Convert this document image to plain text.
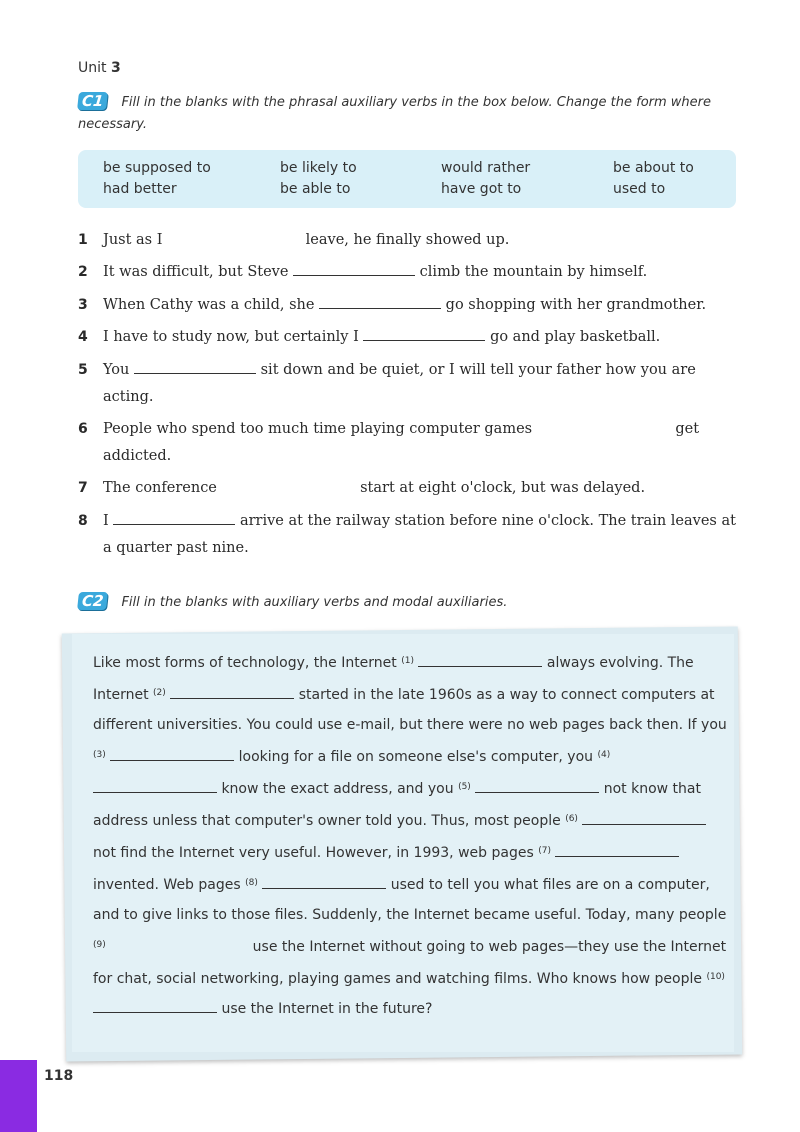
Unit 3
C1 Fill in the blanks with the phrasal auxiliary verbs in the box below. Change the form where necessary.
be supposed to	be likely to	would rather	be about to
had better	be able to	have got to	used to
1 Just as I	leave, he finally showed up.
2 It was difficult, but Steve	climb the mountain by himself.
3 When Cathy was a child, she	go shopping with her grandmother.
4 I have to study now, but certainly I	go and play basketball.
5 You	sit down and be quiet, or I will tell your father how you are acting.
6 People who spend too much time playing computer games	get addicted.
7 The conference	start at eight o'clock, but was delayed.
8 I	arrive at the railway station before nine o'clock. The train leaves at a quarter past nine.
C2 Fill in the blanks with auxiliary verbs and modal auxiliaries.
Like most forms of technology, the Internet $^{(1)}$	always evolving. The Internet $^{(2)}$	started in the late 1960s as a way to connect computers at different universities. You could use e-mail, but there were no web pages back then. If you $^{(3)}$	looking for a file on someone else's computer, you $^{(4)}$  know the exact address, and you $^{(5)}$	not know that address unless that computer's owner told you. Thus, most people $^{(6)}$  not find the Internet very useful. However, in 1993, web pages $^{(7)}$  invented. Web pages $^{(8)}$	used to tell you what files are on a computer, and to give links to those files. Suddenly, the Internet became useful. Today, many people $^{(9)}$	use the Internet without going to web pages—they use the Internet for chat, social networking, playing games and watching films. Who knows how people $^{(10)}$  use the Internet in the future?
118
